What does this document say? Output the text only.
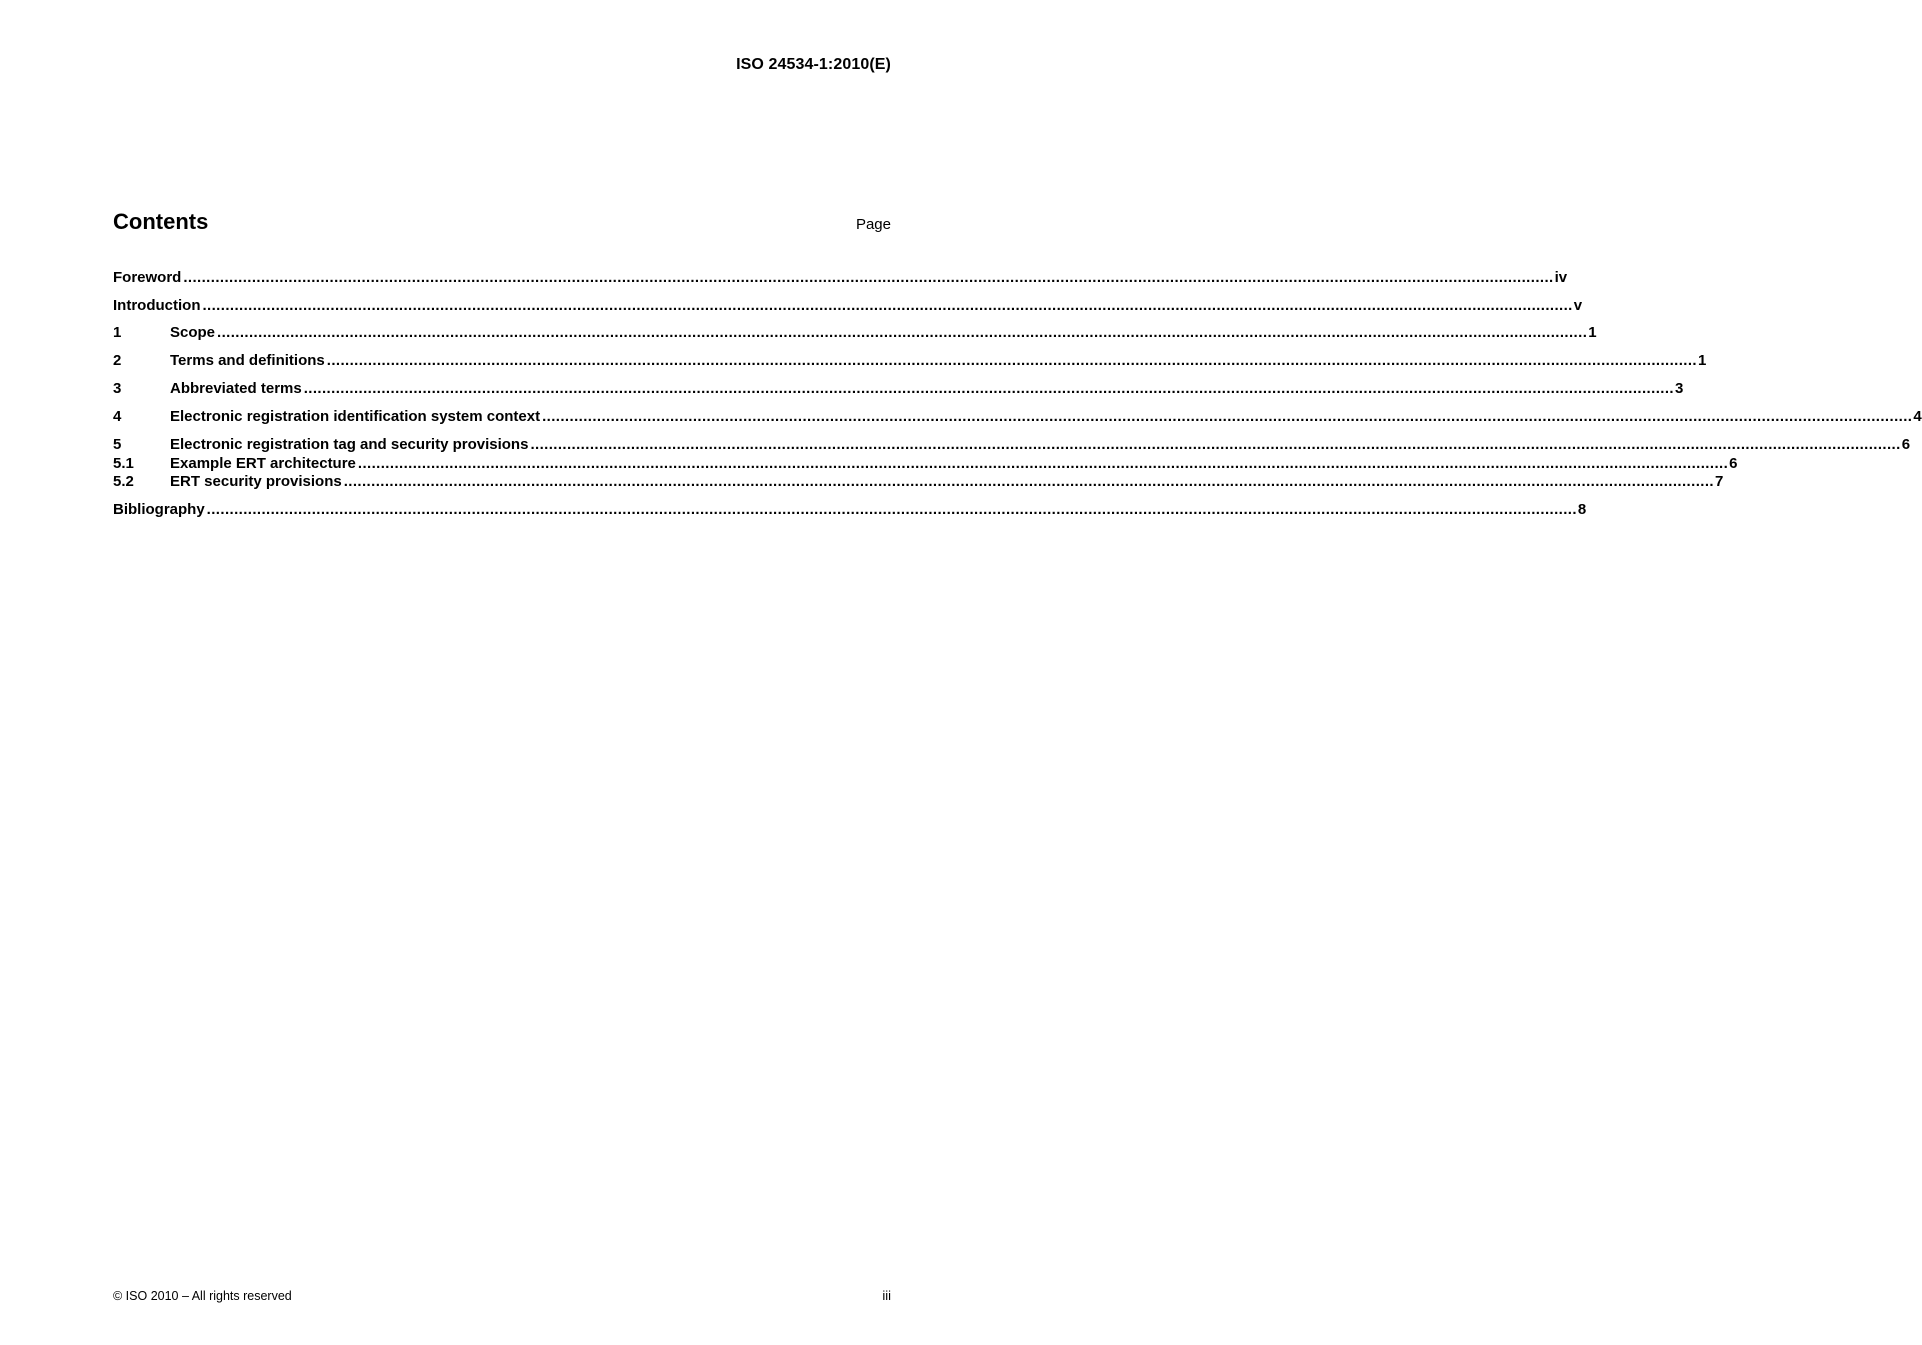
ISO 24534-1:2010(E)
Contents	Page
Foreword ............................................................................................................................................................................................................................................................................................................ iv
Introduction ............................................................................................................................................................................................................................................................................................................ v
1	Scope ............................................................................................................................................................................................................................................................................................................ 1
2	Terms and definitions ............................................................................................................................................................................................................................................................................................................ 1
3	Abbreviated terms ............................................................................................................................................................................................................................................................................................................ 3
4	Electronic registration identification system context ............................................................................................................................................................................................................................................................................................................ 4
5	Electronic registration tag and security provisions ............................................................................................................................................................................................................................................................................................................ 6
5.1	Example ERT architecture ............................................................................................................................................................................................................................................................................................................ 6
5.2	ERT security provisions ............................................................................................................................................................................................................................................................................................................ 7
Bibliography ............................................................................................................................................................................................................................................................................................................ 8
© ISO 2010 – All rights reserved	iii
